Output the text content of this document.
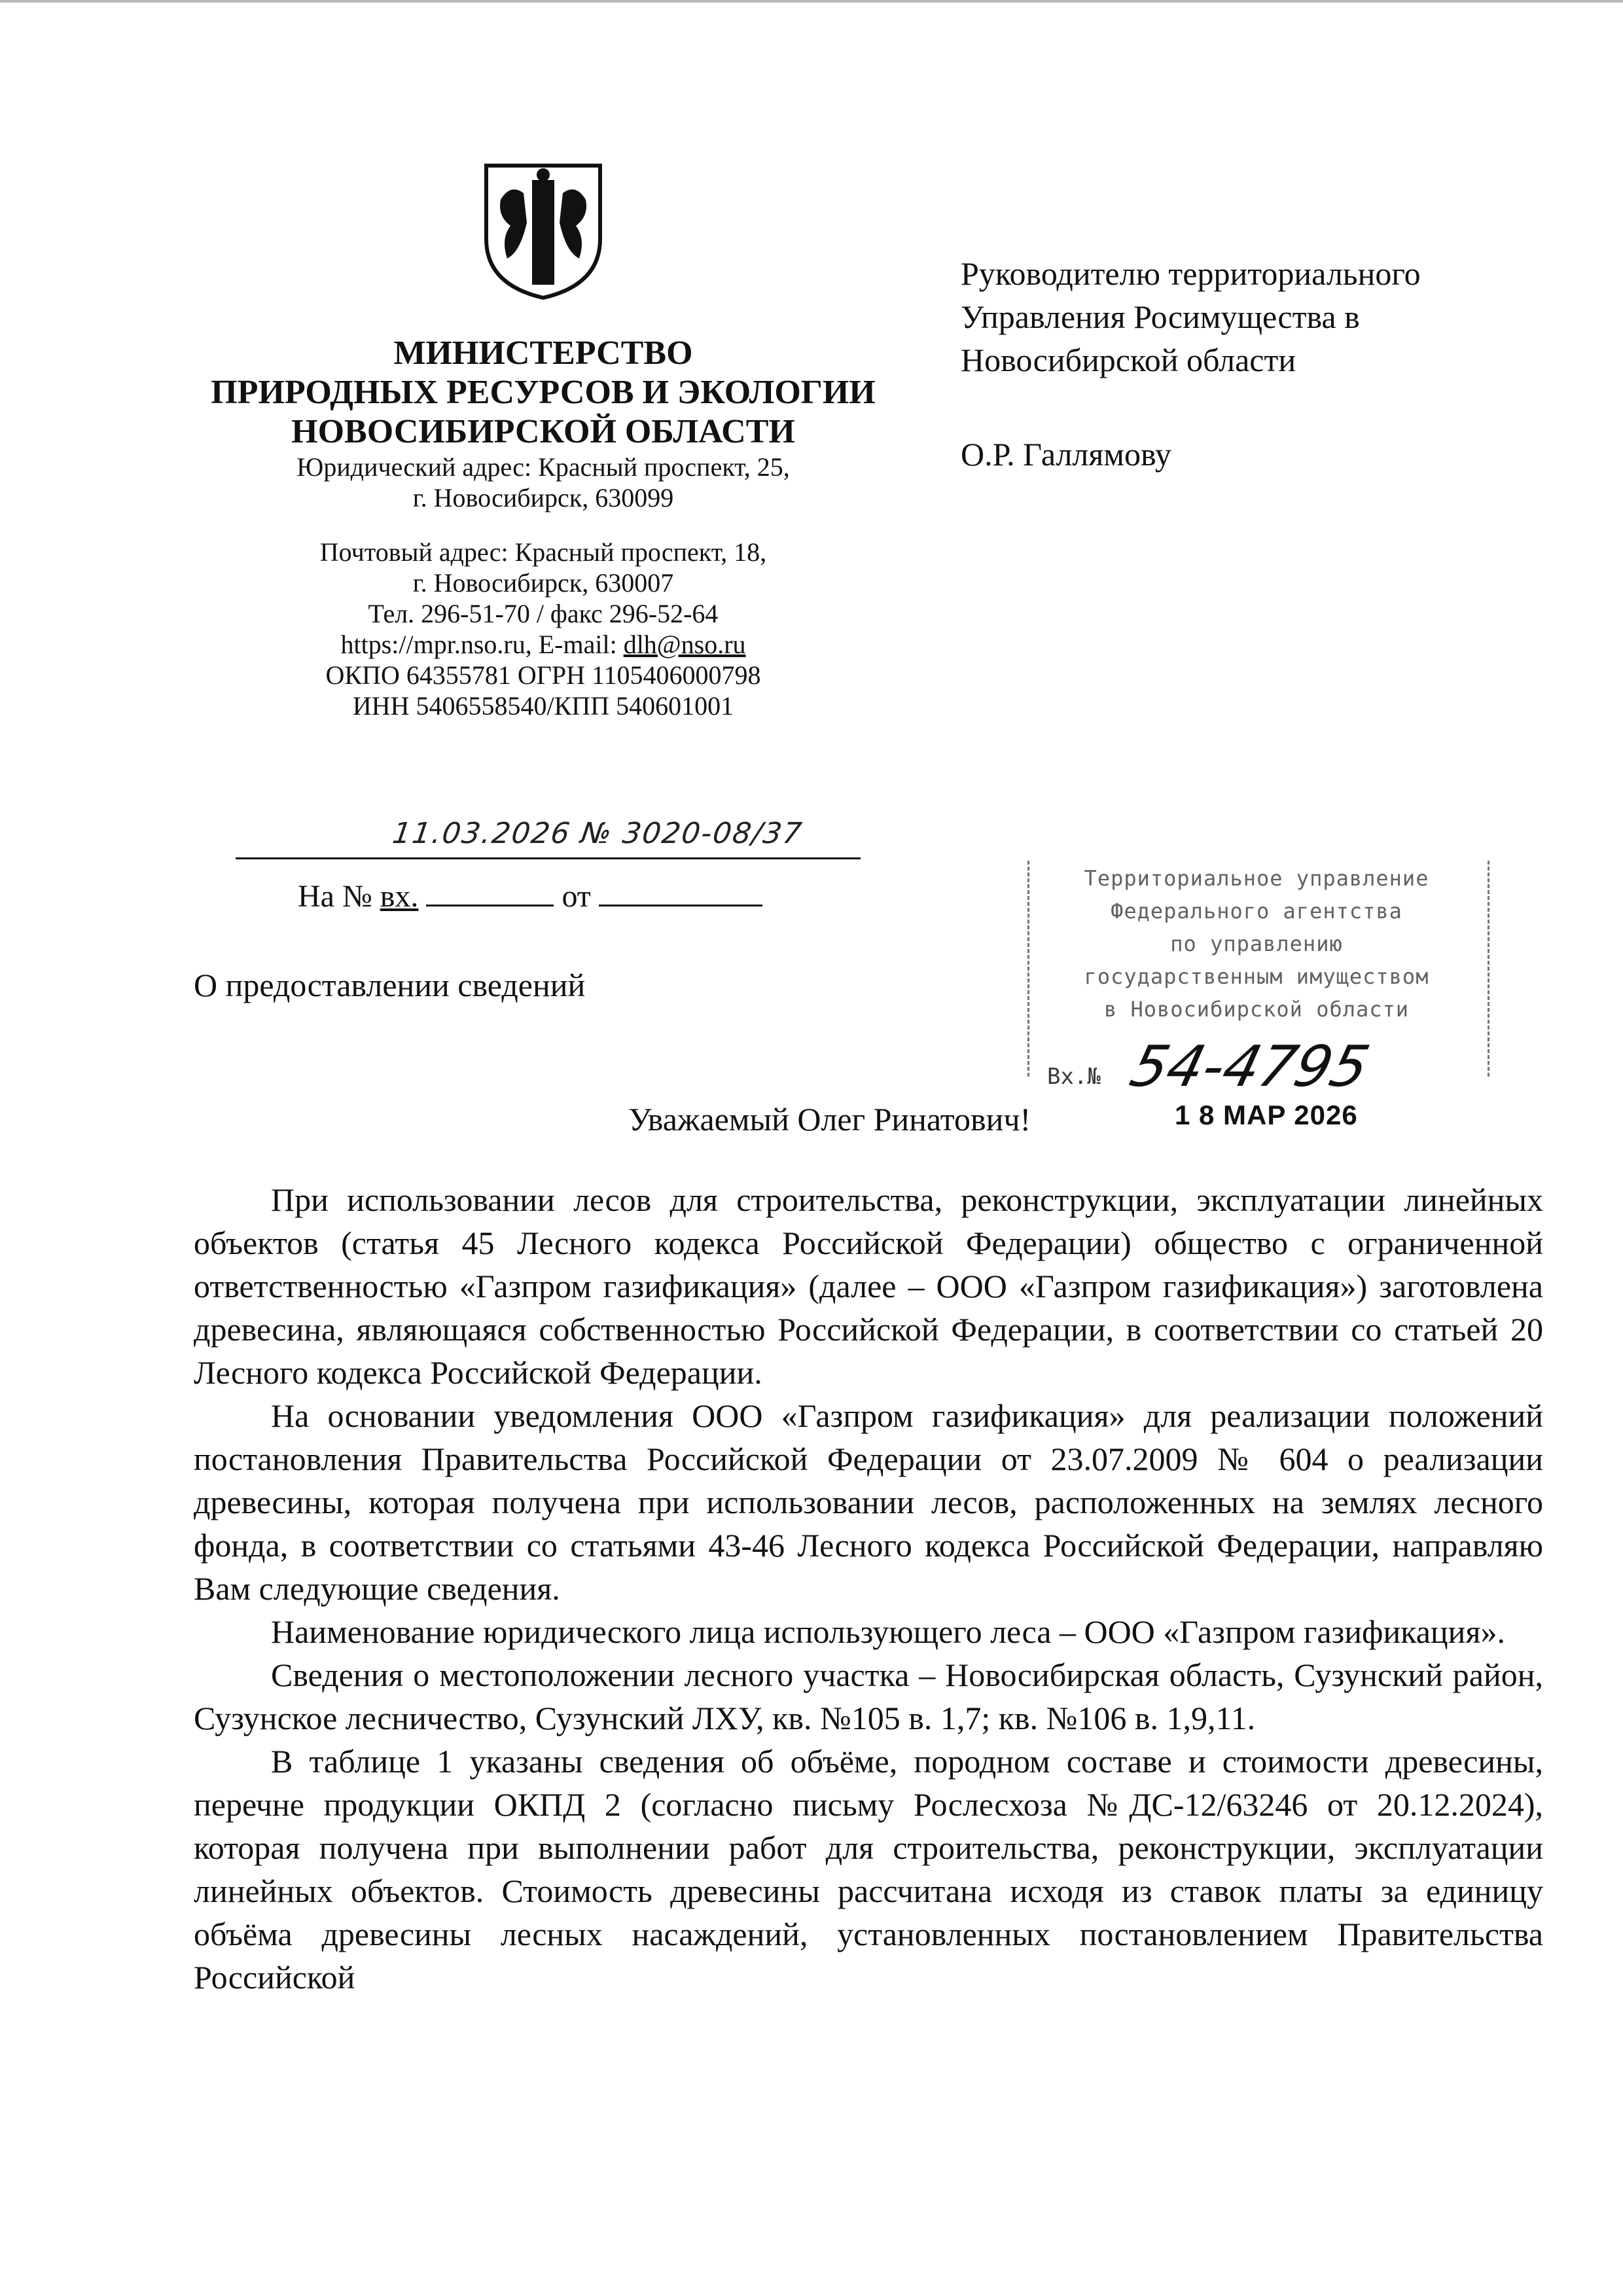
МИНИСТЕРСТВО

ПРИРОДНЫХ РЕСУРСОВ И ЭКОЛОГИИ

НОВОСИБИРСКОЙ ОБЛАСТИ

Юридический адрес: Красный проспект, 25,

г. Новосибирск, 630099

Почтовый адрес: Красный проспект, 18,

г. Новосибирск, 630007

Тел. 296-51-70 / факс 296-52-64

https://mpr.nso.ru, E-mail: dlh@nso.ru

ОКПО 64355781 ОГРН 1105406000798

ИНН 5406558540/КПП 540601001

Руководителю территориального

Управления Росимущества в

Новосибирской области

О.Р. Галлямову

11.03.2026 № 3020-08/37
На № вх.	от
О предоставлении сведений
Территориальное управление
Федерального агентства
по управлению
государственным имуществом
в Новосибирской области
Вх.№ 54-4795
1 8 MAP 2026
Уважаемый Олег Ринатович!

При использовании лесов для строительства, реконструкции, эксплуатации линейных объектов (статья 45 Лесного кодекса Российской Федерации) общество с ограниченной ответственностью «Газпром газификация» (далее – ООО «Газпром газификация») заготовлена древесина, являющаяся собственностью Российской Федерации, в соответствии со статьей 20 Лесного кодекса Российской Федерации.

На основании уведомления ООО «Газпром газификация» для реализации положений постановления Правительства Российской Федерации от 23.07.2009 № 604 о реализации древесины, которая получена при использовании лесов, расположенных на землях лесного фонда, в соответствии со статьями 43-46 Лесного кодекса Российской Федерации, направляю Вам следующие сведения.

Наименование юридического лица использующего леса – ООО «Газпром газификация».

Сведения о местоположении лесного участка – Новосибирская область, Сузунский район, Сузунское лесничество, Сузунский ЛХУ, кв. №105 в. 1,7; кв. №106 в. 1,9,11.

В таблице 1 указаны сведения об объёме, породном составе и стоимости древесины, перечне продукции ОКПД 2 (согласно письму Рослесхоза №ДС-12/63246 от 20.12.2024), которая получена при выполнении работ для строительства, реконструкции, эксплуатации линейных объектов. Стоимость древесины рассчитана исходя из ставок платы за единицу объёма древесины лесных насаждений, установленных постановлением Правительства Российской
